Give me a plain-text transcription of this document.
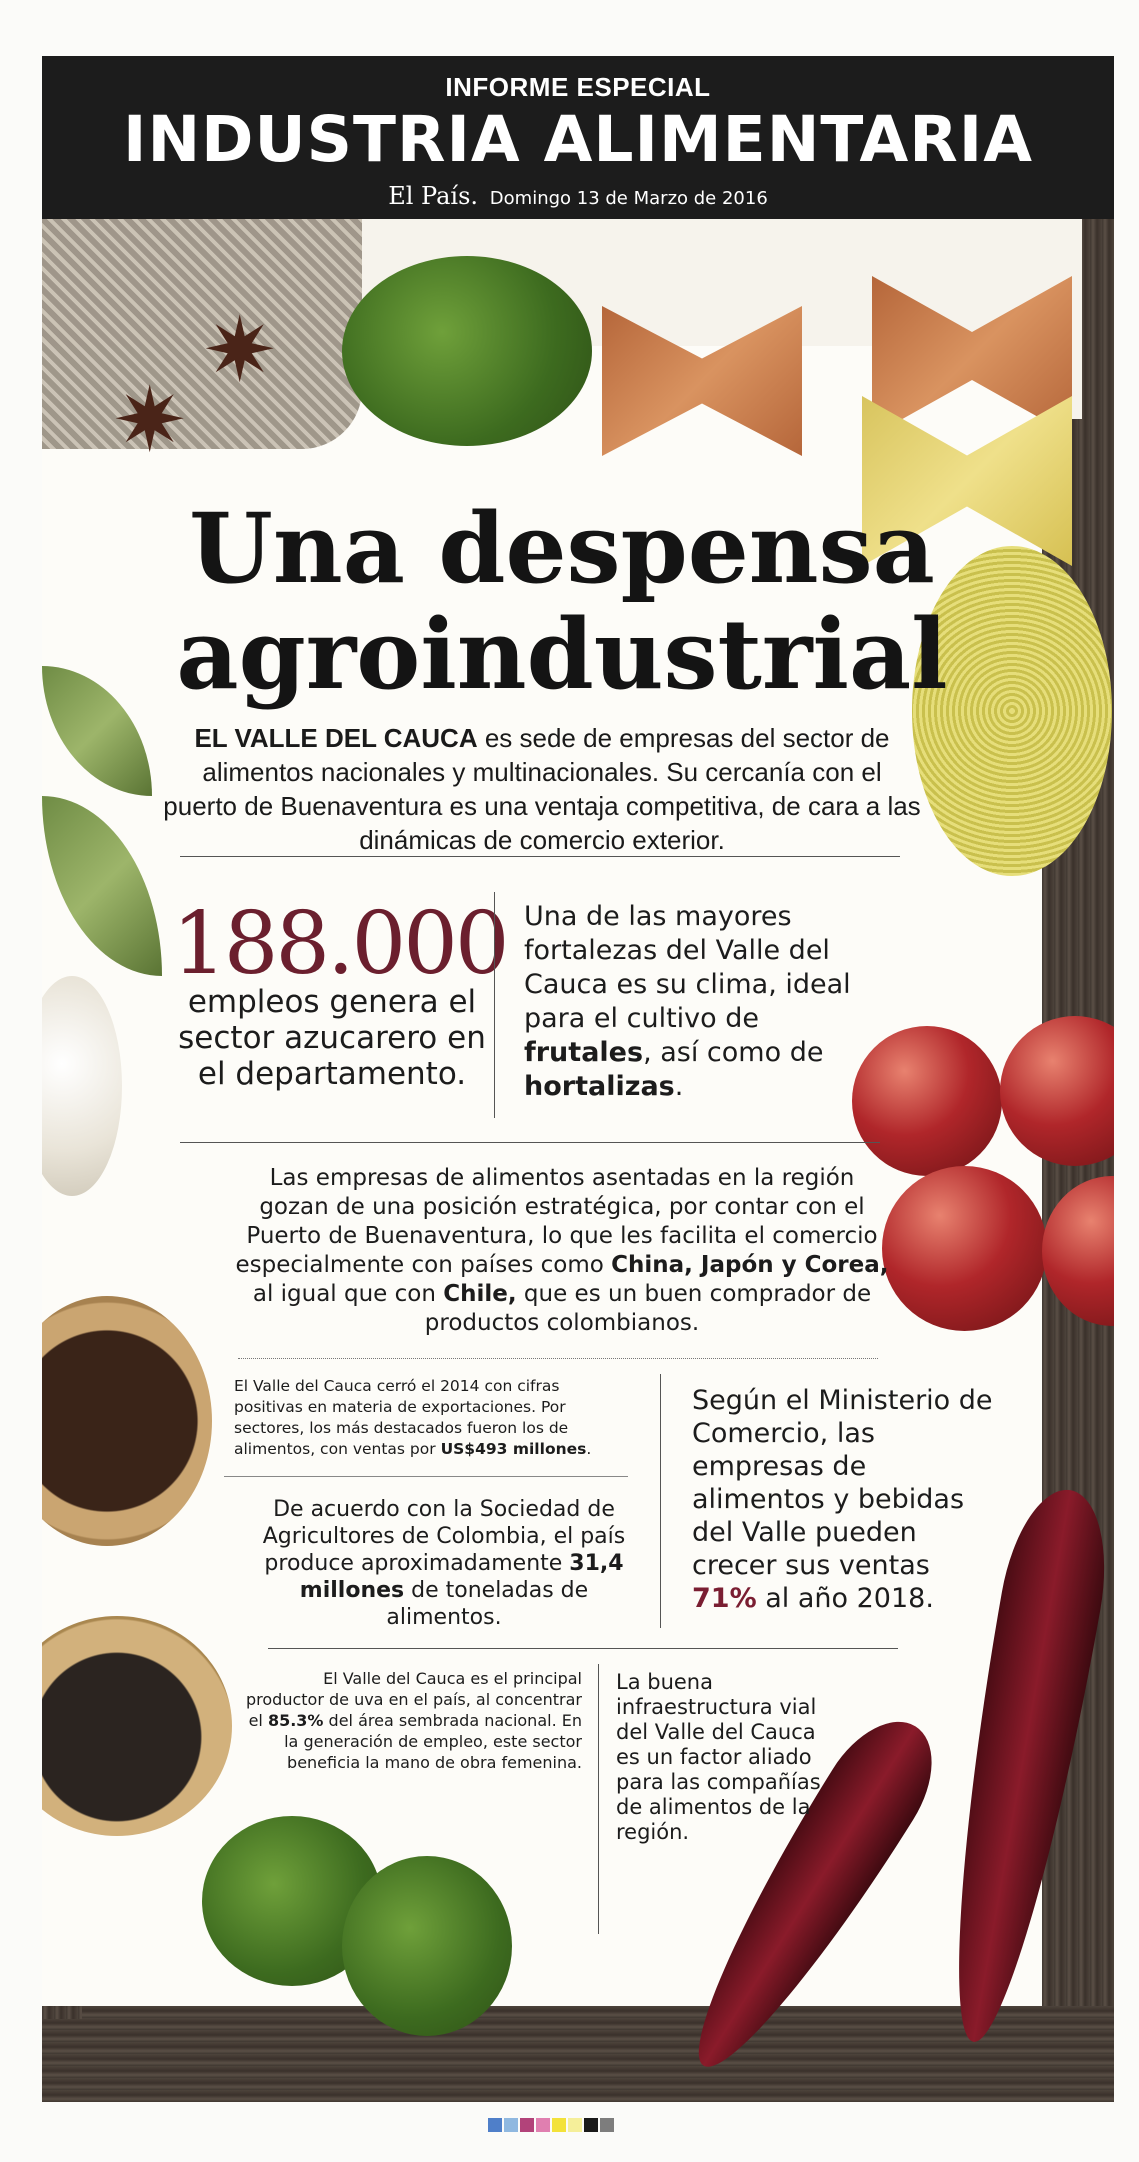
✷
✷
INFORME ESPECIAL
INDUSTRIA ALIMENTARIA
El País. Domingo 13 de Marzo de 2016
Una despensa
agroindustrial
EL VALLE DEL CAUCA es sede de empresas del sector de alimentos nacionales y multinacionales. Su cercanía con el puerto de Buenaventura es una ventaja competitiva, de cara a las dinámicas de comercio exterior.
188.000
empleos genera el sector azucarero en el departamento.
Una de las mayores fortalezas del Valle del Cauca es su clima, ideal para el cultivo de frutales, así como de hortalizas.
Las empresas de alimentos asentadas en la región gozan de una posición estratégica, por contar con el Puerto de Buenaventura, lo que les facilita el comercio especialmente con países como China, Japón y Corea, al igual que con Chile, que es un buen comprador de productos colombianos.
El Valle del Cauca cerró el 2014 con cifras positivas en materia de exportaciones. Por sectores, los más destacados fueron los de alimentos, con ventas por US$493 millones.
De acuerdo con la Sociedad de Agricultores de Colombia, el país produce aproximadamente 31,4 millones de toneladas de alimentos.
Según el Ministerio de Comercio, las empresas de alimentos y bebidas del Valle pueden crecer sus ventas 71% al año 2018.
El Valle del Cauca es el principal productor de uva en el país, al concentrar el 85.3% del área sembrada nacional. En la generación de empleo, este sector beneficia la mano de obra femenina.
La buena infraestructura vial del Valle del Cauca es un factor aliado para las compañías de alimentos de la región.
